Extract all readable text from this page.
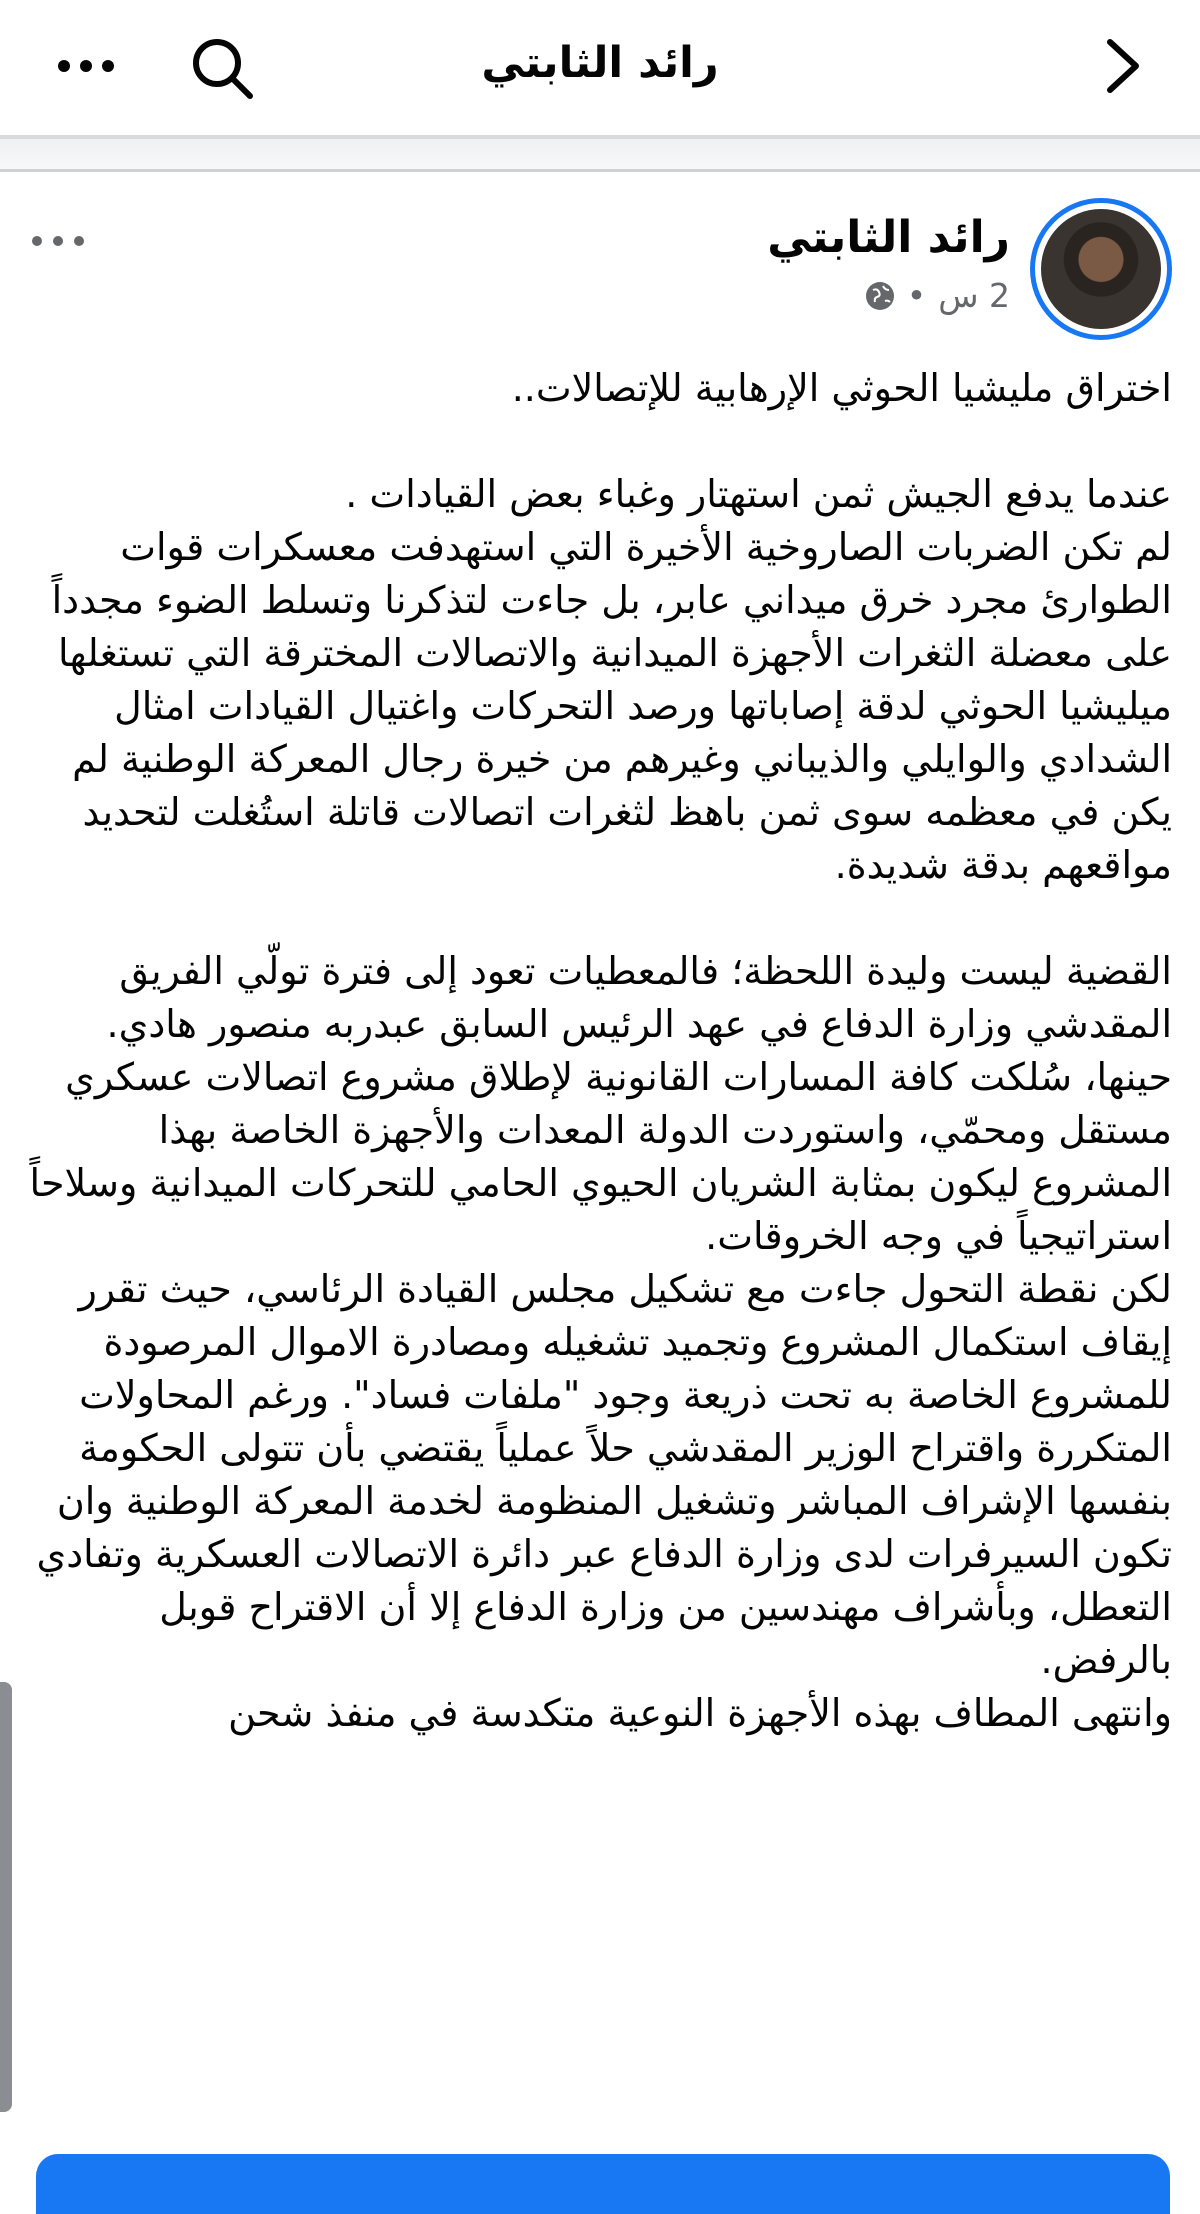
رائد الثابتي
رائد الثابتي
2 س
•

اختراق مليشيا الحوثي الإرهابية للإتصالات..

عندما يدفع الجيش ثمن استهتار وغباء بعض القيادات .

لم تكن الضربات الصاروخية الأخيرة التي استهدفت معسكرات قوات الطوارئ مجرد خرق ميداني عابر، بل جاءت لتذكرنا وتسلط الضوء مجدداً على معضلة الثغرات الأجهزة الميدانية والاتصالات المخترقة التي تستغلها ميليشيا الحوثي لدقة إصاباتها ورصد التحركات واغتيال القيادات امثال الشدادي والوايلي والذيباني وغيرهم من خيرة رجال المعركة الوطنية لم يكن في معظمه سوى ثمن باهظ لثغرات اتصالات قاتلة استُغلت لتحديد مواقعهم بدقة شديدة.

القضية ليست وليدة اللحظة؛ فالمعطيات تعود إلى فترة تولّي الفريق المقدشي وزارة الدفاع في عهد الرئيس السابق عبدربه منصور هادي. حينها، سُلكت كافة المسارات القانونية لإطلاق مشروع اتصالات عسكري مستقل ومحمّي، واستوردت الدولة المعدات والأجهزة الخاصة بهذا المشروع ليكون بمثابة الشريان الحيوي الحامي للتحركات الميدانية وسلاحاً استراتيجياً في وجه الخروقات.

لكن نقطة التحول جاءت مع تشكيل مجلس القيادة الرئاسي، حيث تقرر إيقاف استكمال المشروع وتجميد تشغيله ومصادرة الاموال المرصودة للمشروع الخاصة به تحت ذريعة وجود "ملفات فساد". ورغم المحاولات المتكررة واقتراح الوزير المقدشي حلاً عملياً يقتضي بأن تتولى الحكومة بنفسها الإشراف المباشر وتشغيل المنظومة لخدمة المعركة الوطنية وان تكون السيرفرات لدى وزارة الدفاع عبر دائرة الاتصالات العسكرية وتفادي التعطل، وبأشراف مهندسين من وزارة الدفاع إلا أن الاقتراح قوبل بالرفض.

وانتهى المطاف بهذه الأجهزة النوعية متكدسة في منفذ شحن
